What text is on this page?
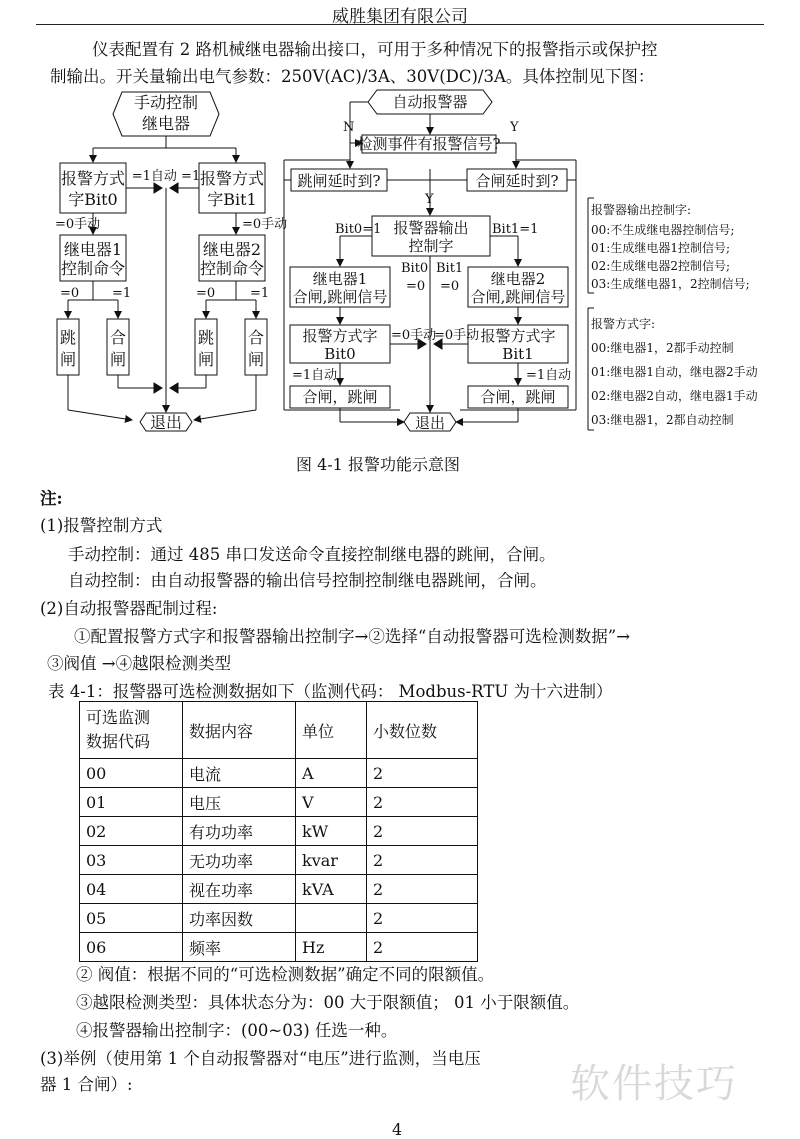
威胜集团有限公司
仪表配置有 2 路机械继电器输出接口，可用于多种情况下的报警指示或保护控
制输出。开关量输出电气参数：250V(AC)/3A、30V(DC)/3A。具体控制见下图：
手动控制
继电器
报警方式
字Bit0
报警方式
字Bit1
继电器1
控制命令
继电器2
控制命令
跳
闸
合
闸
跳
闸
合
闸
退出
=1自动 =1
=0手动	=0手动
=0	=1	=0	=1
自动报警器
检测事件有报警信号?
跳闸延时到?	合闸延时到?
报警器输出
控制字
继电器1
合闸,跳闸信号
继电器2
合闸,跳闸信号
报警方式字
Bit0
报警方式字
Bit1
合闸，跳闸	合闸，跳闸
退出
N	Y
Y
Bit0=1	Bit1=1
Bit0 Bit1
=0 =0
=0手动
=0手动
=1自动	=1自动
报警器输出控制字:
00:不生成继电器控制信号;
01:生成继电器1控制信号;
02:生成继电器2控制信号;
03:生成继电器1，2控制信号;
报警方式字:
00:继电器1，2都手动控制
01:继电器1自动，继电器2手动
02:继电器2自动，继电器1手动
03:继电器1，2都自动控制
图 4-1 报警功能示意图
注:
(1)报警控制方式
手动控制：通过 485 串口发送命令直接控制继电器的跳闸，合闸。
自动控制：由自动报警器的输出信号控制控制继电器跳闸，合闸。
(2)自动报警器配制过程:
①配置报警方式字和报警器输出控制字→②选择“自动报警器可选检测数据”→
③阀值 →④越限检测类型
表 4-1：报警器可选检测数据如下（监测代码： Modbus-RTU 为十六进制）
可选监测
数据代码	数据内容	单位	小数位数
00	电流	A	2
01	电压	V	2
02	有功功率	kW	2
03	无功功率	kvar	2
04	视在功率	kVA	2
05	功率因数		2
06	频率	Hz	2
② 阀值：根据不同的“可选检测数据”确定不同的限额值。
③越限检测类型：具体状态分为：00 大于限额值； 01 小于限额值。
④报警器输出控制字：(00~03) 任选一种。
(3)举例（使用第 1 个自动报警器对“电压”进行监测，当电压
器 1 合闸）:	软件技巧
4
